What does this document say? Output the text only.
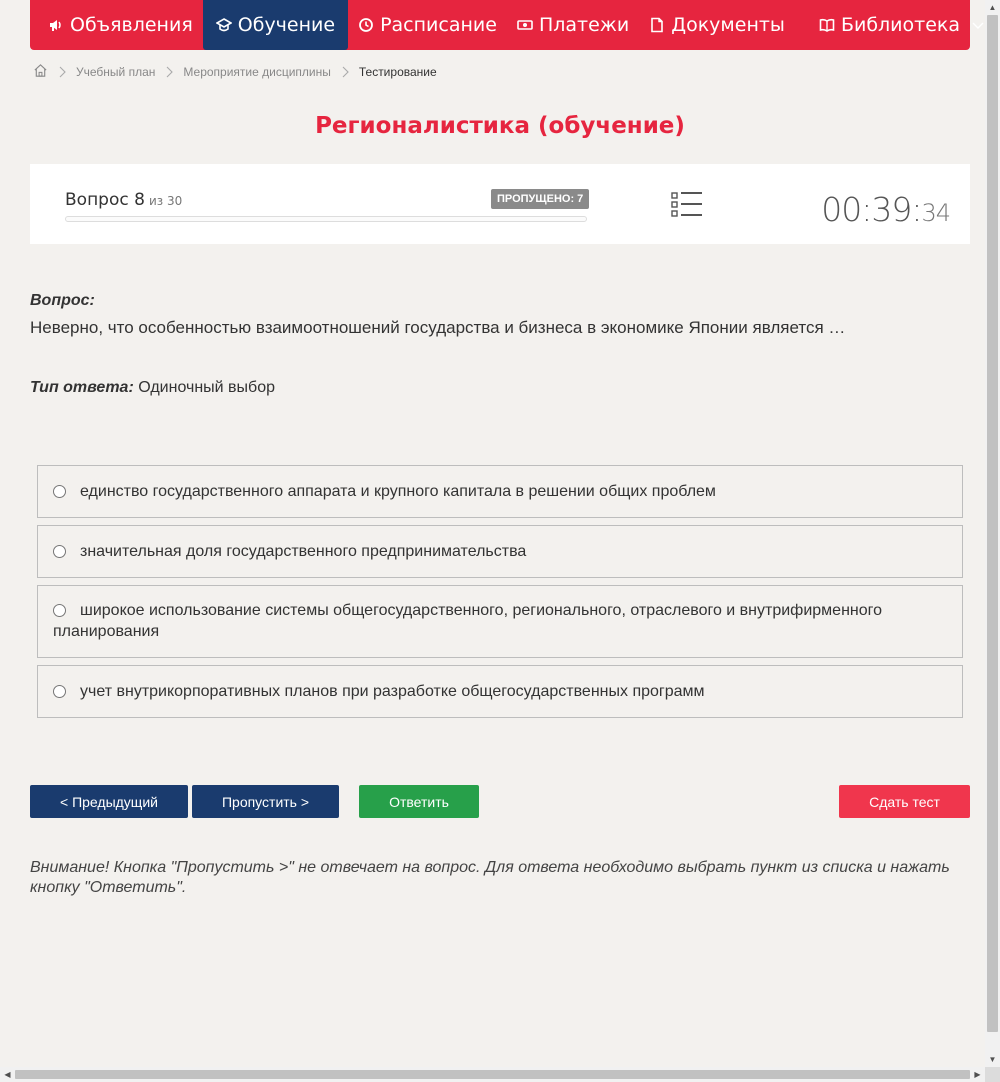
Объявления Обучение Расписание Платежи Документы	Библиотека
Учебный план Мероприятие дисциплины Тестирование
Регионалистика (обучение)
Вопрос 8 из 30	ПРОПУЩЕНО: 7	00:39:34
Вопрос:
Неверно, что особенностью взаимоотношений государства и бизнеса в экономике Японии является …
Тип ответа: Одиночный выбор
единство государственного аппарата и крупного капитала в решении общих проблем
значительная доля государственного предпринимательства
широкое использование системы общегосударственного, регионального, отраслевого и внутрифирменного планирования
учет внутрикорпоративных планов при разработке общегосударственных программ
< Предыдущий	Пропустить >	Ответить	Сдать тест
Внимание! Кнопка "Пропустить >" не отвечает на вопрос. Для ответа необходимо выбрать пункт из списка и нажать кнопку "Ответить".
▲
▼
◀	▶
